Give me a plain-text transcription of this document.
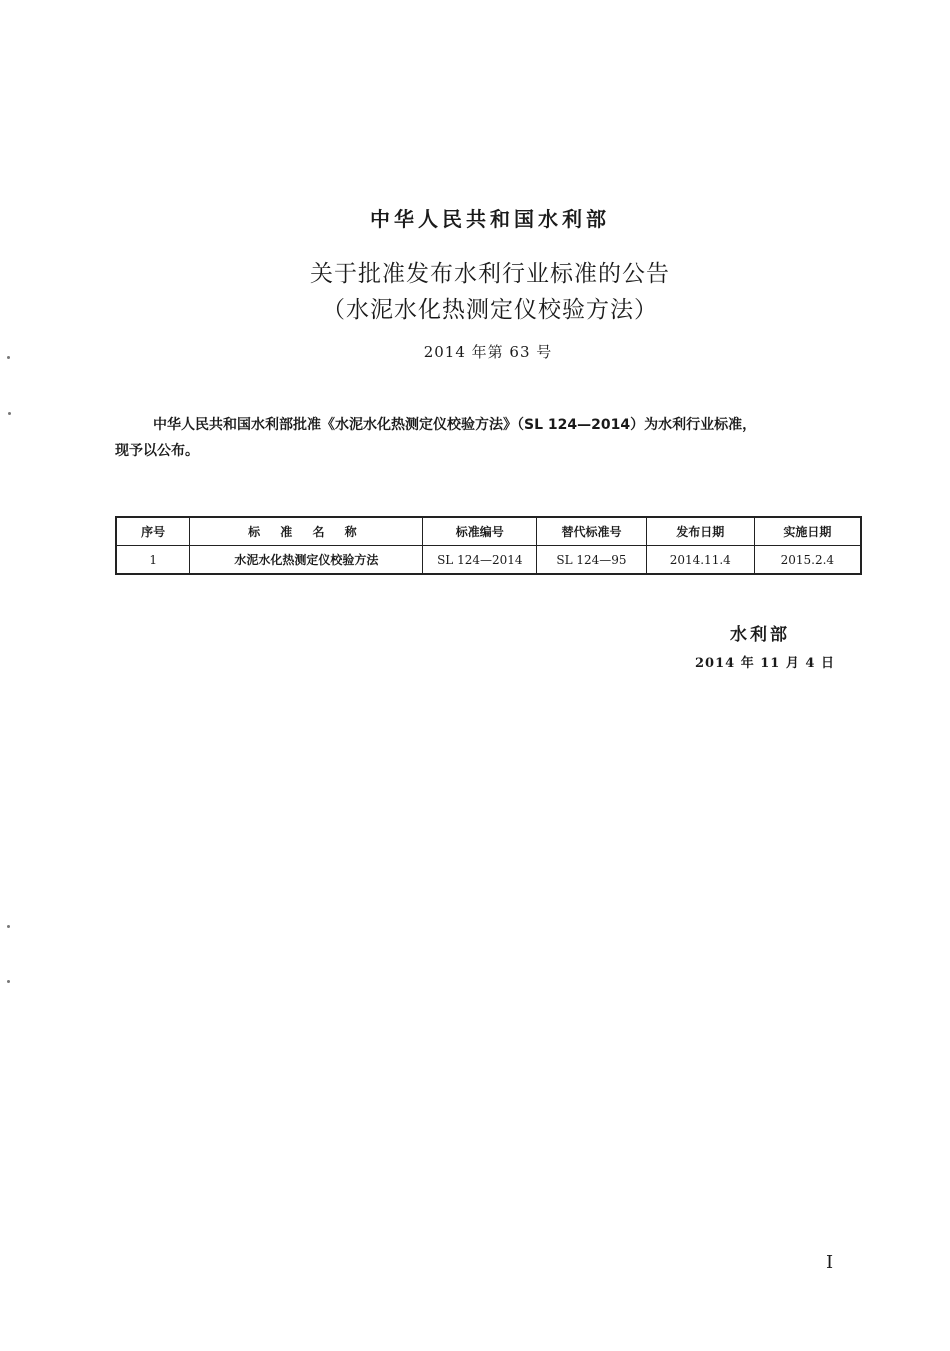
中华人民共和国水利部
关于批准发布水利行业标准的公告
（水泥水化热测定仪校验方法）
2014 年第 63 号
中华人民共和国水利部批准《水泥水化热测定仪校验方法》（SL 124—2014）为水利行业标准，
现予以公布。
序号	标 准 名 称	标准编号	替代标准号	发布日期	实施日期
1	水泥水化热测定仪校验方法	SL 124—2014	SL 124—95	2014.11.4	2015.2.4
水利部
2014 年 11 月 4 日
I
